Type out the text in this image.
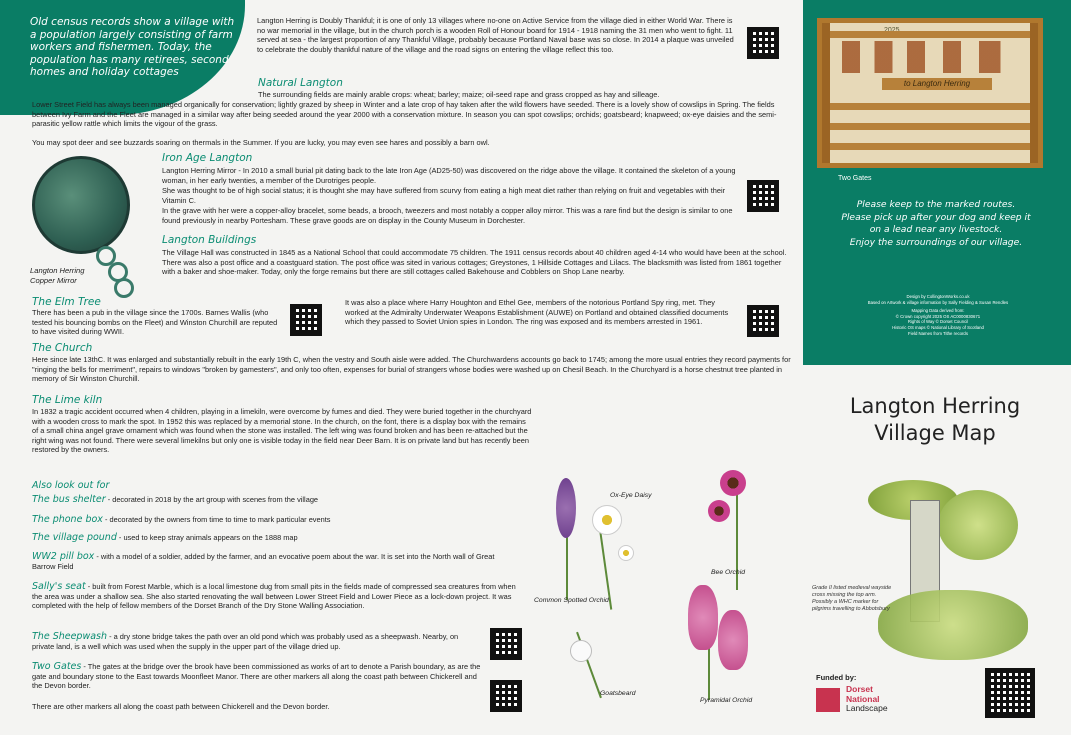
Old census records show a village with a population largely consisting of farm workers and fishermen. Today, the population has many retirees, second homes and holiday cottages

Langton Herring is Doubly Thankful; it is one of only 13 villages where no-one on Active Service from the village died in either World War. There is no war memorial in the village, but in the church porch is a wooden Roll of Honour board for 1914 - 1918 naming the 31 men who went to fight. 11 served at sea - the largest proportion of any Thankful Village, probably because Portland Naval base was so close. In 2014 a plaque was unveiled to celebrate the doubly thankful nature of the village and the road signs on entering the village reflect this too.

Natural Langton

The surrounding fields are mainly arable crops: wheat; barley; maize; oil-seed rape and grass cropped as hay and silleage.

Lower Street Field has always been managed organically for conservation; lightly grazed by sheep in Winter and a late crop of hay taken after the wild flowers have seeded. There is a lovely show of cowslips in Spring. The fields between Ivy Farm and the Fleet are managed in a similar way after being seeded around the year 2000 with a conservation mixture. In season you can spot cowslips; orchids; goatsbeard; knapweed; ox-eye daisies and the semi- parasitic yellow rattle which limits the vigour of the grass.

You may spot deer and see buzzards soaring on thermals in the Summer. If you are lucky, you may even see hares and possibly a barn owl.

Langton Herring Copper Mirror

Iron Age Langton

Langton Herring Mirror - In 2010 a small burial pit dating back to the late Iron Age (AD25-50) was discovered on the ridge above the village. It contained the skeleton of a young woman, in her early twenties, a member of the Durotriges people.

She was thought to be of high social status; it is thought she may have suffered from scurvy from eating a high meat diet rather than relying on fruit and vegetables with their Vitamin C.

In the grave with her were a copper-alloy bracelet, some beads, a brooch, tweezers and most notably a copper alloy mirror. This was a rare find but the design is similar to one found previously in nearby Portesham. These grave goods are on display in the County Museum in Dorchester.

Langton Buildings

The Village Hall was constructed in 1845 as a National School that could accommodate 75 children. The 1911 census records about 40 children aged 4-14 who would have been at the school. There was also a post office and a coastguard station. The post office was sited in various cottages; Greystones, 1 Hillside Cottages and Lilacs. The blacksmith was listed from 1861 together with a baker and shoe-maker. Today, only the forge remains but there are still cottages called Bakehouse and Cobblers on Shop Lane nearby.

The Elm Tree

There has been a pub in the village since the 1700s. Barnes Wallis (who tested his bouncing bombs on the Fleet) and Winston Churchill are reputed to have visited during WWII.

It was also a place where Harry Houghton and Ethel Gee, members of the notorious Portland Spy ring, met. They worked at the Admiralty Underwater Weapons Establishment (AUWE) on Portland and obtained classified documents which they passed to Soviet Union spies in London. The ring was exposed and its members arrested in 1961.

The Church

Here since late 13thC. It was enlarged and substantially rebuilt in the early 19th C, when the vestry and South aisle were added. The Churchwardens accounts go back to 1745; among the more usual entries they record payments for "ringing the bells for merriment", repairs to windows "broken by gamesters", and only too often, expenses for burial of strangers whose bodies were washed up on Chesil Beach. In the Churchyard is a horse chestnut tree planted in memory of Sir Winston Churchill.

The Lime kiln

In 1832 a tragic accident occurred when 4 children, playing in a limekiln, were overcome by fumes and died. They were buried together in the churchyard with a wooden cross to mark the spot. In 1952 this was replaced by a memorial stone. In the church, on the font, there is a display box with the remains of a small china angel grave ornament which was found when the stone was installed. The left wing was found broken and has been re-attached but the right wing was not found. There were several limekilns but only one is visible today in the field near Deer Barn. It is on private land but has recently been restored by the owners.

Also look out for

The bus shelter - decorated in 2018 by the art group with scenes from the village

The phone box - decorated by the owners from time to time to mark particular events

The village pound - used to keep stray animals appears on the 1888 map

WW2 pill box - with a model of a soldier, added by the farmer, and an evocative poem about the war. It is set into the North wall of Great Barrow Field

Sally's seat - built from Forest Marble, which is a local limestone dug from small pits in the fields made of compressed sea creatures from when the area was under a shallow sea. She also started renovating the wall between Lower Street Field and Lower Piece as a lock-down project. It was completed with the help of fellow members of the Dorset Branch of the Dry Stone Walling Association.

The Sheepwash - a dry stone bridge takes the path over an old pond which was probably used as a sheepwash. Nearby, on private land, is a well which was used when the supply in the upper part of the village dried up.

Two Gates - The gates at the bridge over the brook have been commissioned as works of art to denote a Parish boundary, as are the gate and boundary stone to the East towards Moonfleet Manor. There are other markers all along the coast path between Chickerell and the Devon border.

There are other markers all along the coast path between Chickerell and the Devon border.

Ox-Eye Daisy

Common Spotted Orchid

Bee Orchid

Goatsbeard

Pyramidal Orchid

to Langton Herring

Two Gates

Please keep to the marked routes.
Please pick up after your dog and keep it
on a lead near any livestock.
Enjoy the surroundings of our village.
Design by CollingtonWorks.co.uk
Based on Artwork & village information by Sally Fielding & Susan Rendles
Mapping Data derived from:
© Crown copyright 2025 OS AC0000830671
Rights of Way © Dorset Council
Historic OS maps © National Library of Scotland
Field Names from Tithe records
Langton Herring
Village Map

Grade II listed medieval wayside cross missing the top arm. Possibly a WHC marker for pilgrims travelling to Abbotsbury

Funded by:

Dorset
National
Landscape
